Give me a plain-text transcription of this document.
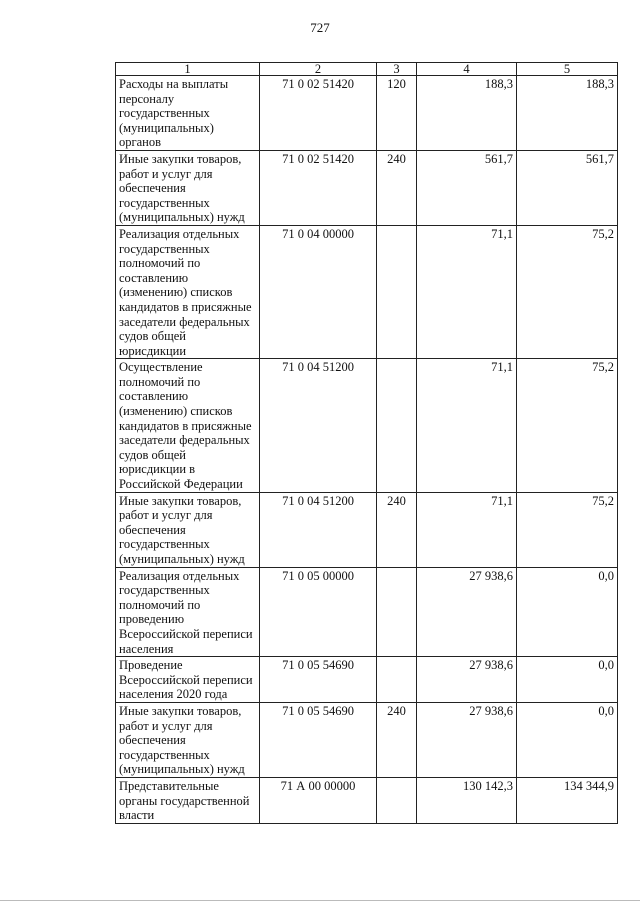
727
1	2	3	4	5
Расходы на выплаты персоналу государственных (муниципальных) органов	71 0 02 51420	120	188,3	188,3
Иные закупки товаров, работ и услуг для обеспечения государственных (муниципальных) нужд	71 0 02 51420	240	561,7	561,7
Реализация отдельных государственных полномочий по составлению (изменению) списков кандидатов в присяжные заседатели федеральных судов общей юрисдикции	71 0 04 00000		71,1	75,2
Осуществление полномочий по составлению (изменению) списков кандидатов в присяжные заседатели федеральных судов общей юрисдикции в Российской Федерации	71 0 04 51200		71,1	75,2
Иные закупки товаров, работ и услуг для обеспечения государственных (муниципальных) нужд	71 0 04 51200	240	71,1	75,2
Реализация отдельных государственных полномочий по проведению Всероссийской переписи населения	71 0 05 00000		27 938,6	0,0
Проведение Всероссийской переписи населения 2020 года	71 0 05 54690		27 938,6	0,0
Иные закупки товаров, работ и услуг для обеспечения государственных (муниципальных) нужд	71 0 05 54690	240	27 938,6	0,0
Представительные органы государственной власти	71 А 00 00000		130 142,3	134 344,9
